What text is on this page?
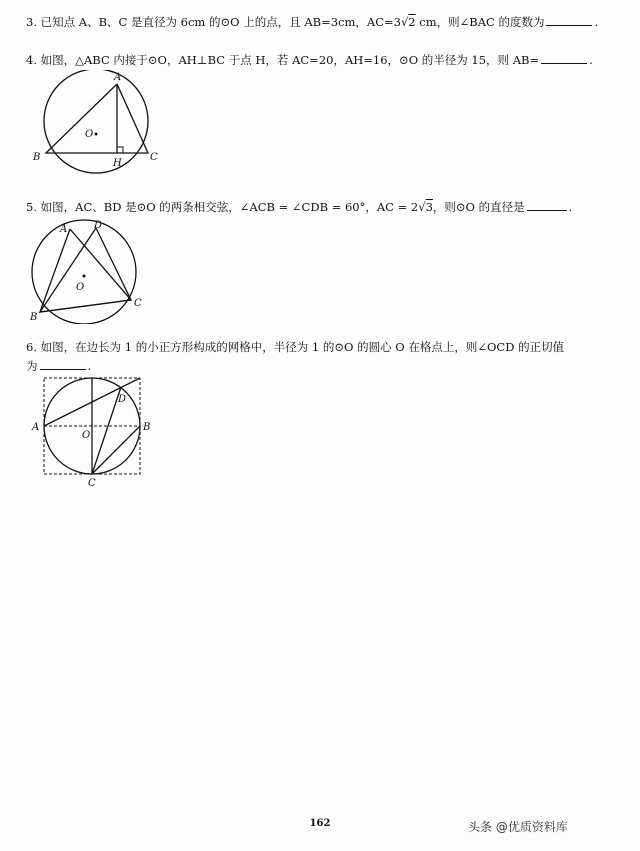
3. 已知点 A、B、C 是直径为 6cm 的⊙O 上的点，且 AB=3cm，AC=3√2 cm，则∠BAC 的度数为	.
4. 如图，△ABC 内接于⊙O，AH⊥BC 于点 H，若 AC=20，AH=16，⊙O 的半径为 15，则 AB=	.
A
B	C
H
O
5. 如图，AC、BD 是⊙O 的两条相交弦，∠ACB = ∠CDB = 60°，AC = 2√3，则⊙O 的直径是	.
A
B
C
D
O
6. 如图，在边长为 1 的小正方形构成的网格中，半径为 1 的⊙O 的圆心 O 在格点上，则∠OCD 的正切值
为	.
A	B
C
D
O
162	头条 @优质资料库
